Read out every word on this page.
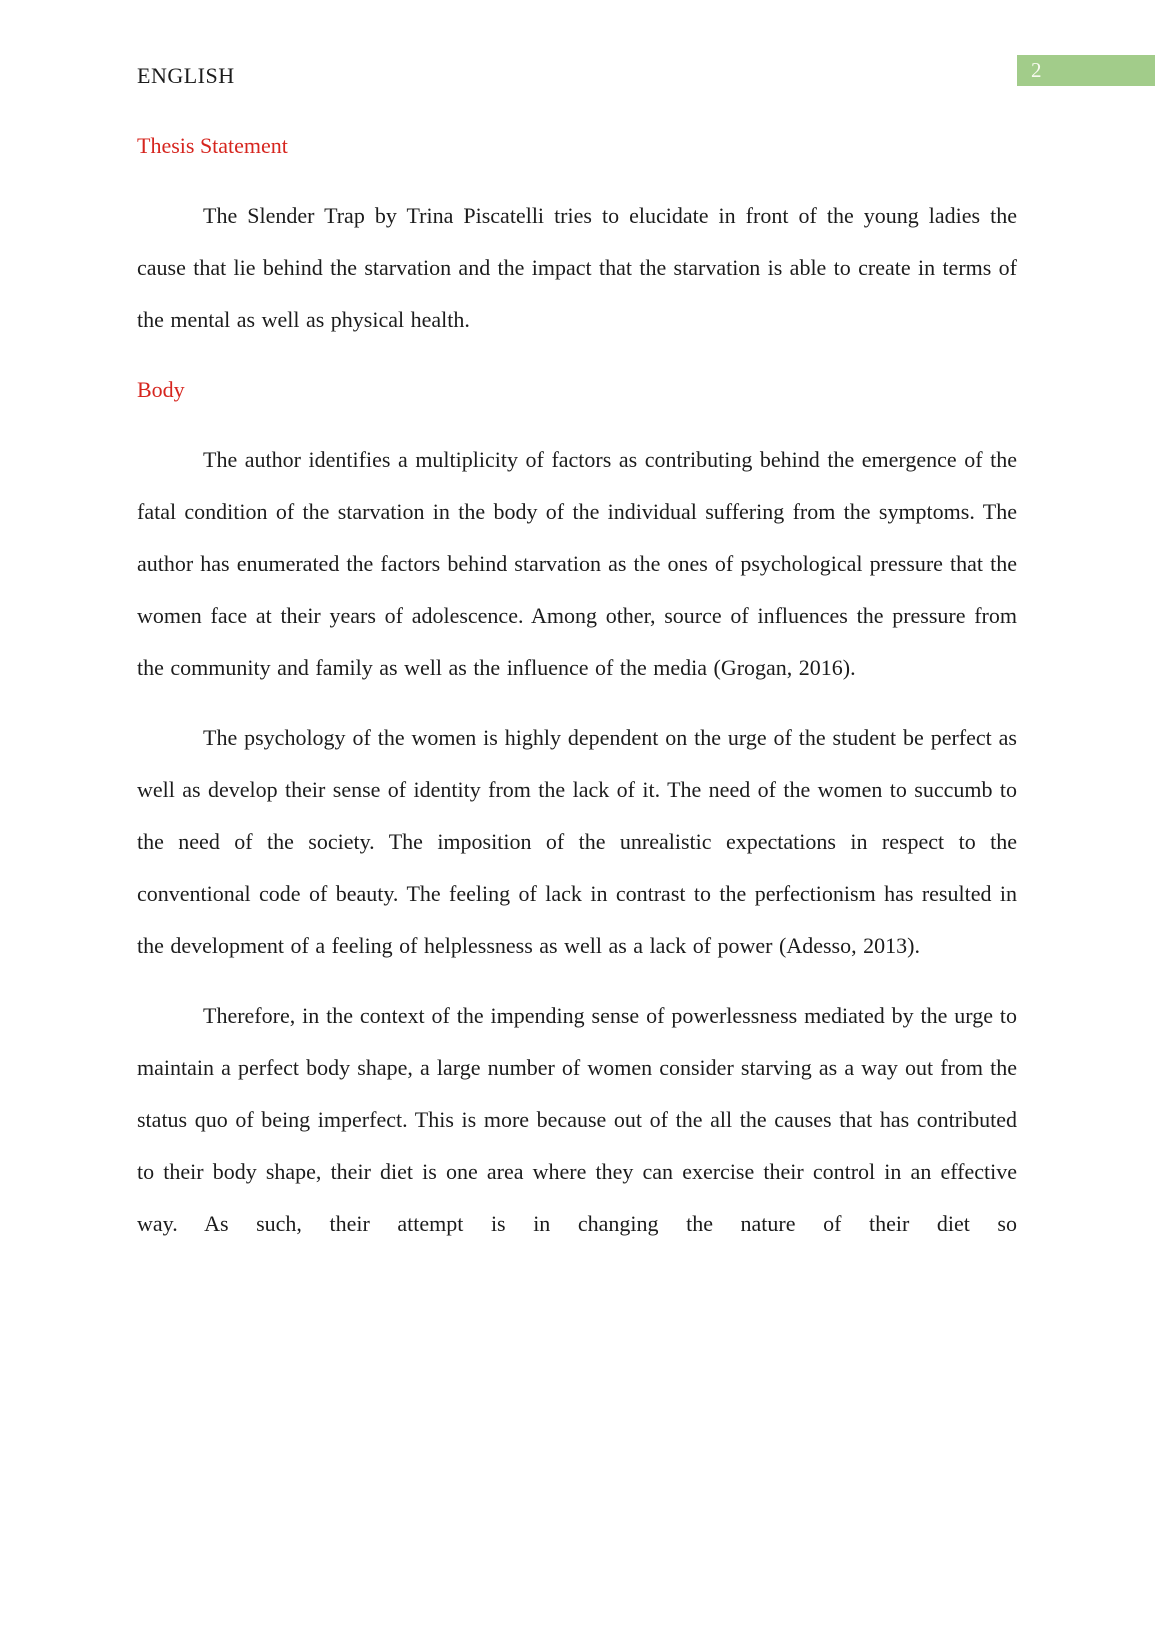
2

ENGLISH

Thesis Statement

The Slender Trap by Trina Piscatelli tries to elucidate in front of the young ladies the cause that lie behind the starvation and the impact that the starvation is able to create in terms of the mental as well as physical health.

Body

The author identifies a multiplicity of factors as contributing behind the emergence of the fatal condition of the starvation in the body of the individual suffering from the symptoms. The author has enumerated the factors behind starvation as the ones of psychological pressure that the women face at their years of adolescence. Among other, source of influences the pressure from the community and family as well as the influence of the media (Grogan, 2016).

The psychology of the women is highly dependent on the urge of the student be perfect as well as develop their sense of identity from the lack of it. The need of the women to succumb to the need of the society. The imposition of the unrealistic expectations in respect to the conventional code of beauty. The feeling of lack in contrast to the perfectionism has resulted in the development of a feeling of helplessness as well as a lack of power (Adesso, 2013).

Therefore, in the context of the impending sense of powerlessness mediated by the urge to maintain a perfect body shape, a large number of women consider starving as a way out from the status quo of being imperfect. This is more because out of the all the causes that has contributed to their body shape, their diet is one area where they can exercise their control in an effective way. As such, their attempt is in changing the nature of their diet so
